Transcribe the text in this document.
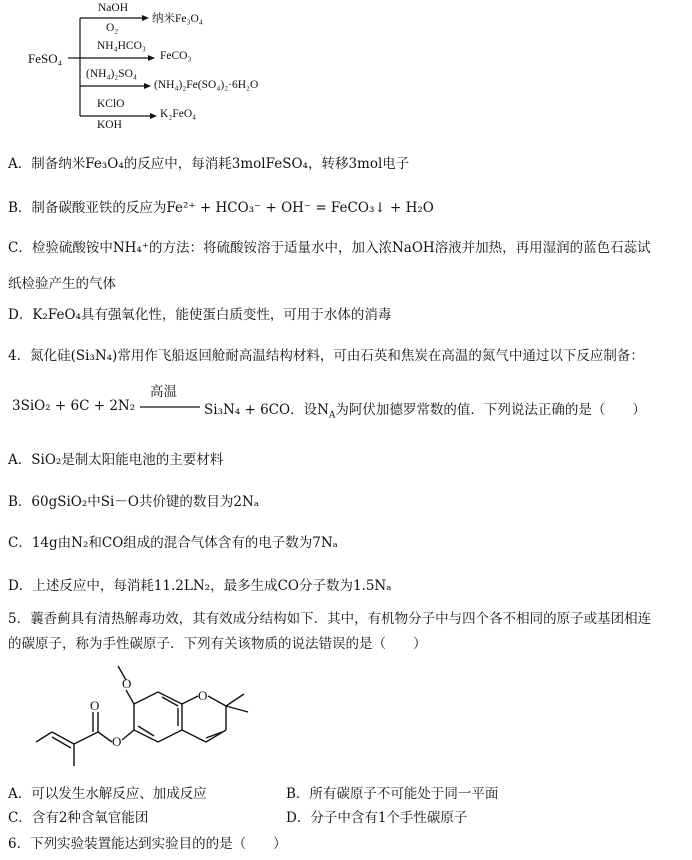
FeSO₄
NaOH
O₂
纳米Fe₃O₄
NH₄HCO₃
FeCO₃
(NH₄)₂SO₄
(NH₄)₂Fe(SO₄)₂·6H₂O
KClO
KOH
K₂FeO₄
A．制备纳米Fe₃O₄的反应中，每消耗3molFeSO₄，转移3mol电子
B．制备碳酸亚铁的反应为Fe²⁺ + HCO₃⁻ + OH⁻ = FeCO₃↓ + H₂O
C．检验硫酸铵中NH₄⁺的方法：将硫酸铵溶于适量水中，加入浓NaOH溶液并加热，再用湿润的蓝色石蕊试
纸检验产生的气体
D．K₂FeO₄具有强氧化性，能使蛋白质变性，可用于水体的消毒
4．氮化硅(Si₃N₄)常用作飞船返回舱耐高温结构材料，可由石英和焦炭在高温的氮气中通过以下反应制备：
3SiO₂ + 6C + 2N₂
高温
Si₃N₄ + 6CO．设$N_A$为阿伏加德罗常数的值．下列说法正确的是（　　）
A．SiO₂是制太阳能电池的主要材料
B．60gSiO₂中Si－O共价键的数目为2Nₐ
C．14g由N₂和CO组成的混合气体含有的电子数为7Nₐ
D．上述反应中，每消耗11.2LN₂，最多生成CO分子数为1.5Nₐ
5．蘘香蓟具有清热解毒功效，其有效成分结构如下．其中，有机物分子中与四个各不相同的原子或基团相连
的碳原子，称为手性碳原子．下列有关该物质的说法错误的是（　　）
O
O
O
O
A．可以发生水解反应、加成反应	B．所有碳原子不可能处于同一平面
C．含有2种含氧官能团	D．分子中含有1个手性碳原子
6．下列实验装置能达到实验目的的是（　　）
